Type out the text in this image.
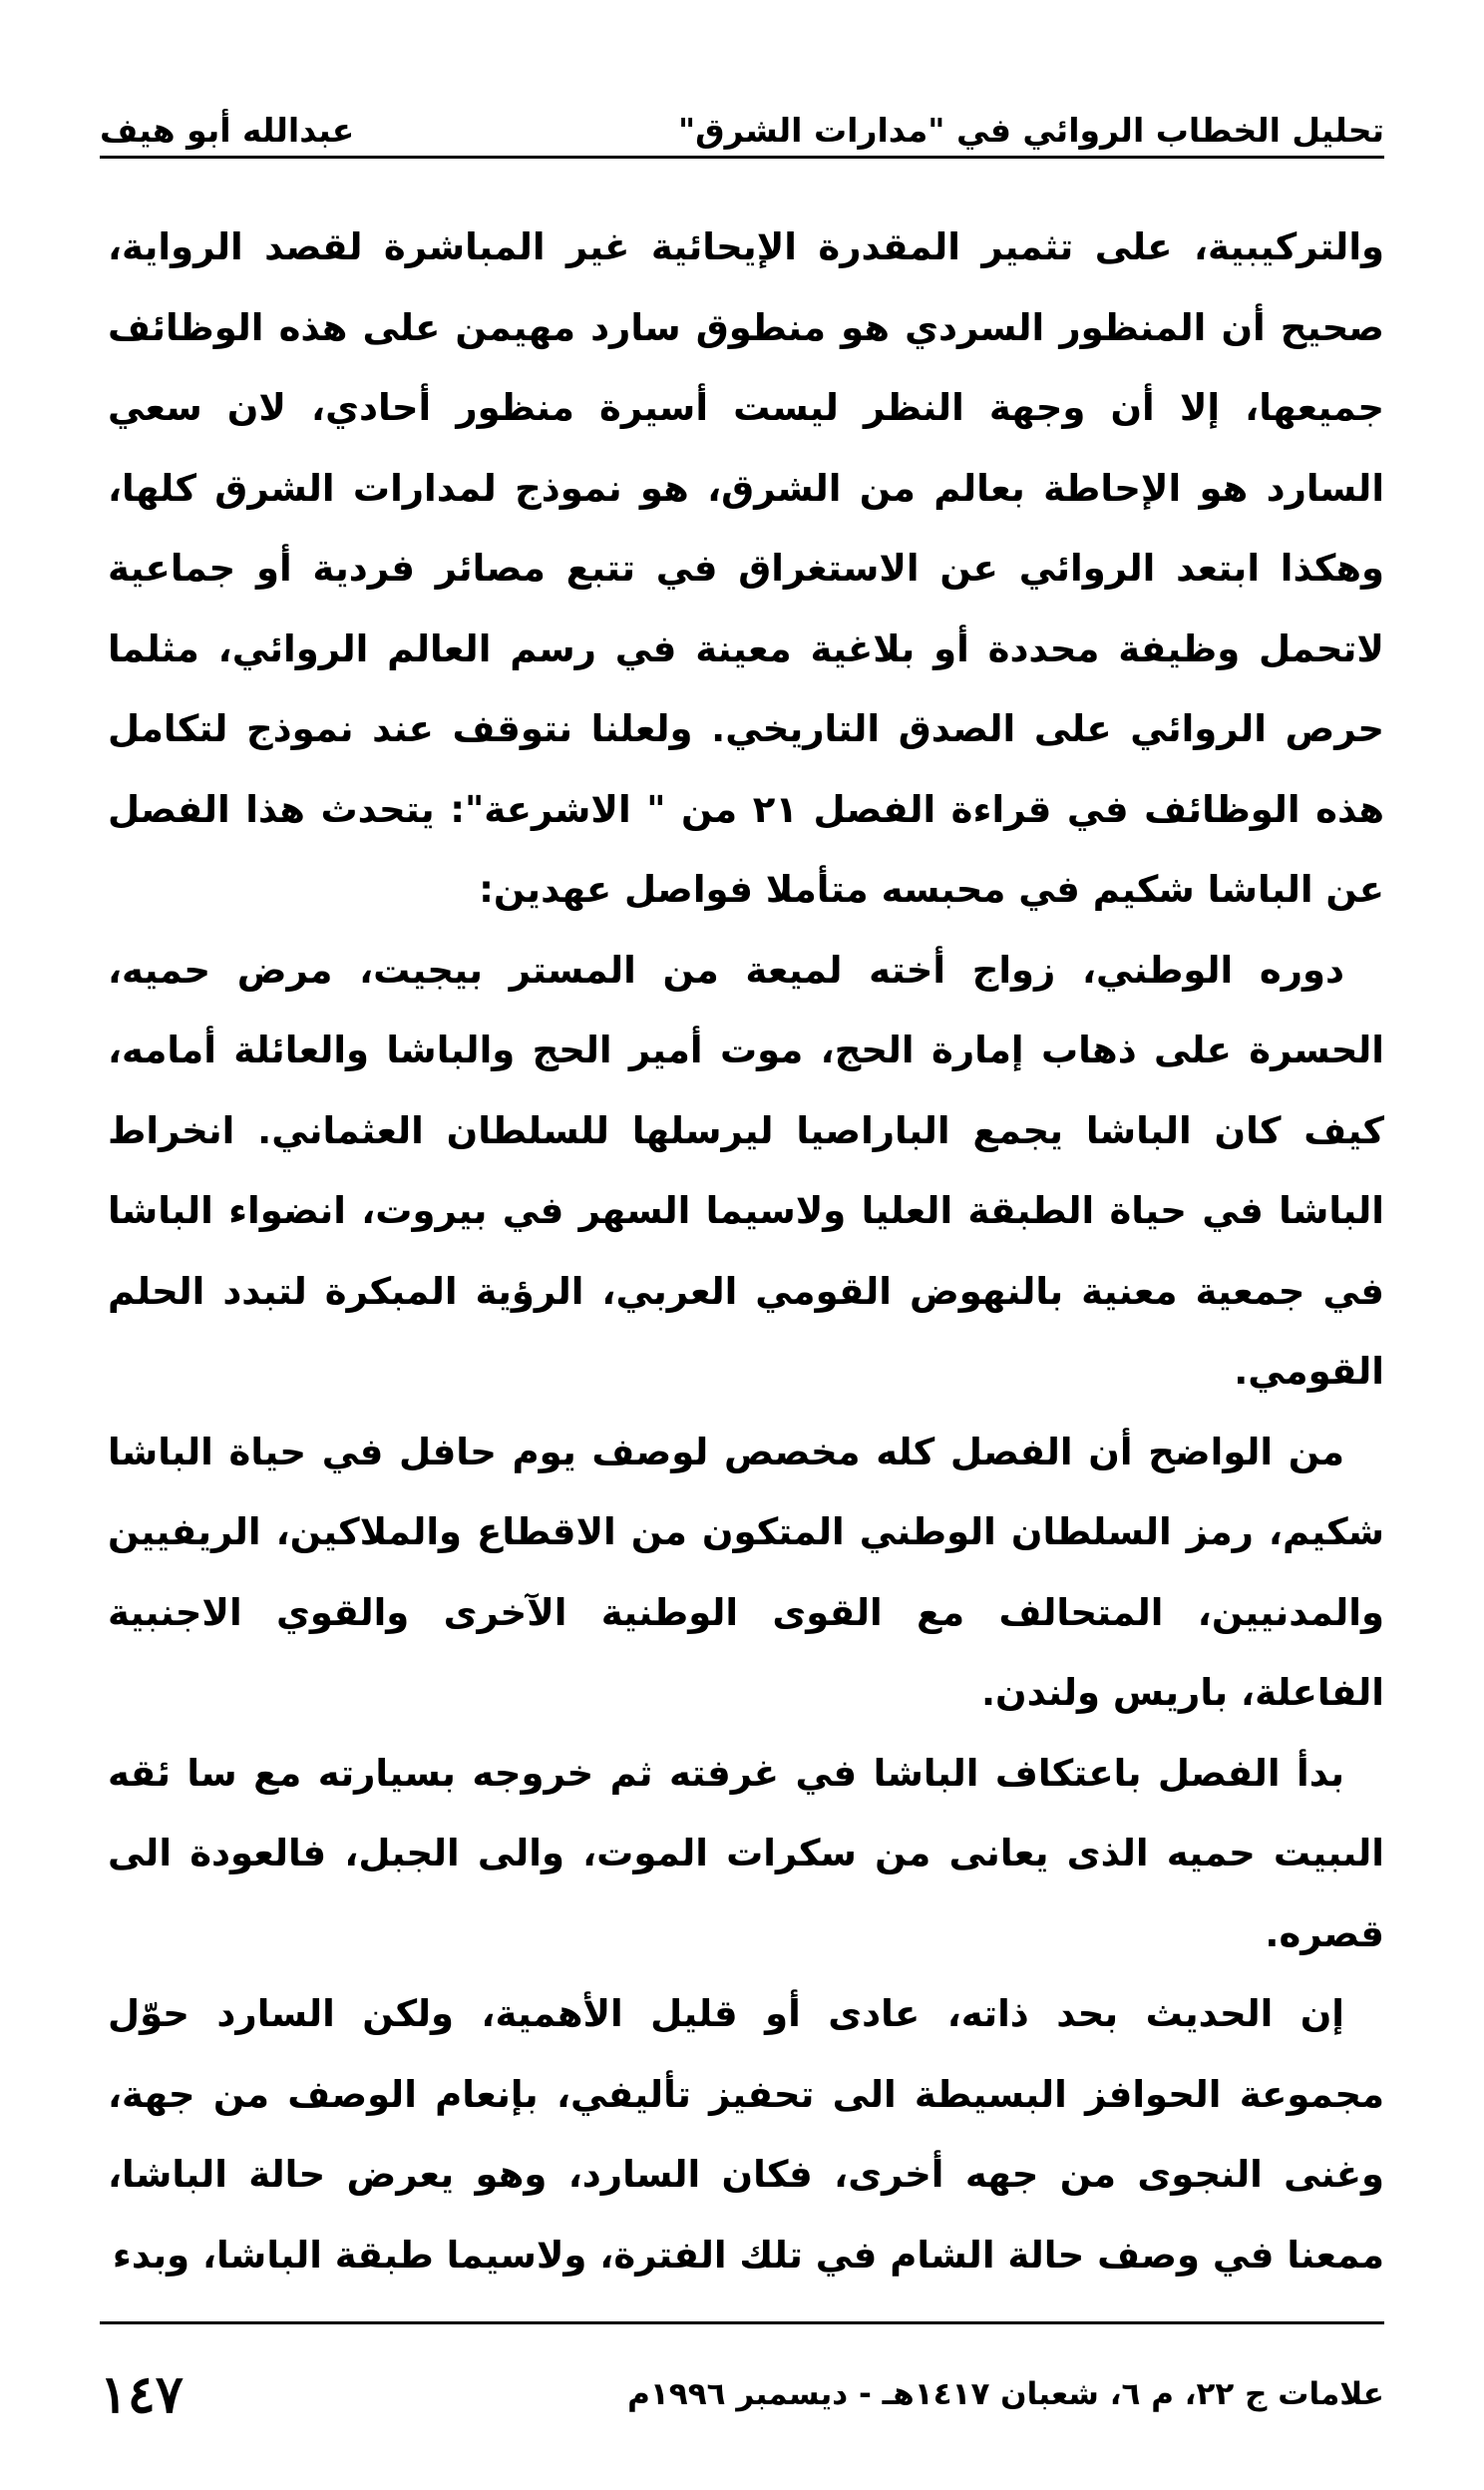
تحليل الخطاب الروائي في "مدارات الشرق"
عبدالله أبو هيف

والتركيبية، على تثمير المقدرة الإيحائية غير المباشرة لقصد الرواية، صحيح أن المنظور السردي هو منطوق سارد مهيمن على هذه الوظائف جميعها، إلا أن وجهة النظر ليست أسيرة منظور أحادي، لان سعي السارد هو الإحاطة بعالم من الشرق، هو نموذج لمدارات الشرق كلها، وهكذا ابتعد الروائي عن الاستغراق في تتبع مصائر فردية أو جماعية لاتحمل وظيفة محددة أو بلاغية معينة في رسم العالم الروائي، مثلما حرص الروائي على الصدق التاريخي. ولعلنا نتوقف عند نموذج لتكامل هذه الوظائف في قراءة الفصل ٢١ من " الاشرعة": يتحدث هذا الفصل عن الباشا شكيم في محبسه متأملا فواصل عهدين:

دوره الوطني، زواج أخته لميعة من المستر بيجيت، مرض حميه، الحسرة على ذهاب إمارة الحج، موت أمير الحج والباشا والعائلة أمامه، كيف كان الباشا يجمع الباراصيا ليرسلها للسلطان العثماني. انخراط الباشا في حياة الطبقة العليا ولاسيما السهر في بيروت، انضواء الباشا في جمعية معنية بالنهوض القومي العربي، الرؤية المبكرة لتبدد الحلم القومي.

من الواضح أن الفصل كله مخصص لوصف يوم حافل في حياة الباشا شكيم، رمز السلطان الوطني المتكون من الاقطاع والملاكين، الريفيين والمدنيين، المتحالف مع القوى الوطنية الآخرى والقوي الاجنبية الفاعلة، باريس ولندن.

بدأ الفصل باعتكاف الباشا في غرفته ثم خروجه بسيارته مع سا ئقه الىبيت حميه الذى يعانى من سكرات الموت، والى الجبل، فالعودة الى قصره.

إن الحديث بحد ذاته، عادى أو قليل الأهمية، ولكن السارد حوّل مجموعة الحوافز البسيطة الى تحفيز تأليفي، بإنعام الوصف من جهة، وغنى النجوى من جهه أخرى، فكان السارد، وهو يعرض حالة الباشا، ممعنا في وصف حالة الشام في تلك الفترة، ولاسيما طبقة الباشا، وبدء

علامات ج ٢٢، م ٦، شعبان ١٤١٧هـ - ديسمبر ١٩٩٦م
١٤٧
